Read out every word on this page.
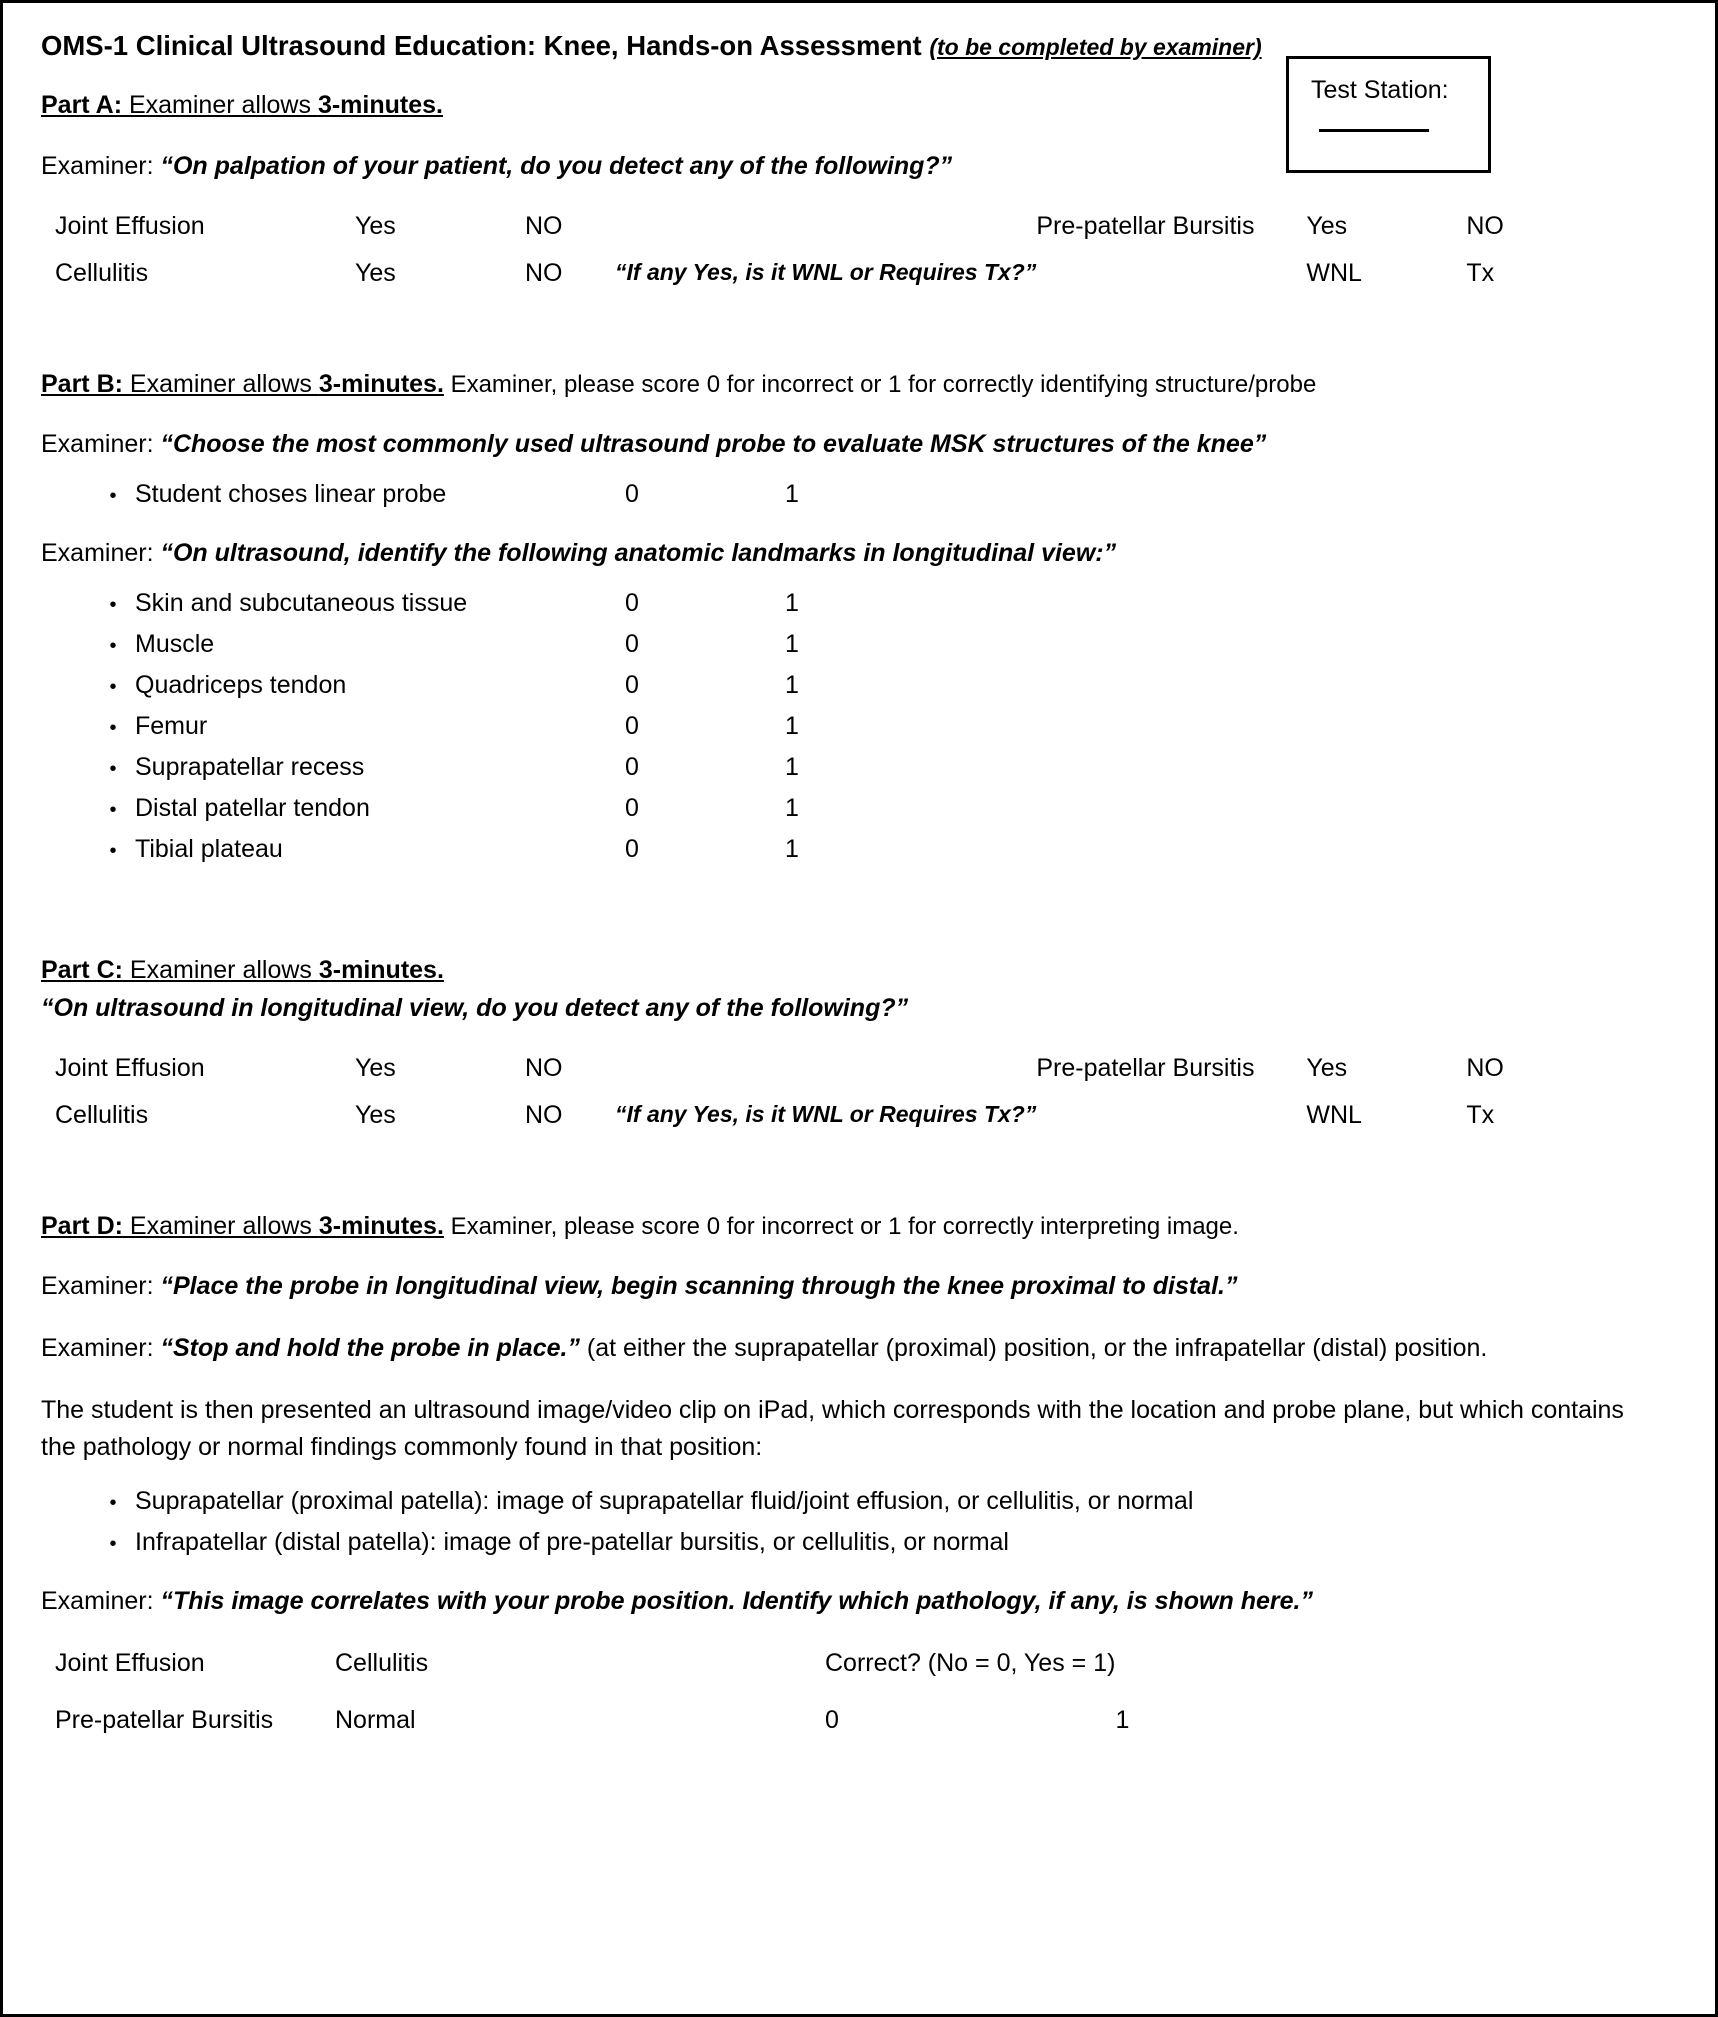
OMS-1 Clinical Ultrasound Education: Knee, Hands-on Assessment (to be completed by examiner)
Test Station:
Part A: Examiner allows 3-minutes.
Examiner: “On palpation of your patient, do you detect any of the following?”
Joint Effusion	Yes	NO		Pre-patellar Bursitis	Yes	NO
Cellulitis	Yes	NO	“If any Yes, is it WNL or Requires Tx?”		WNL	Tx
Part B: Examiner allows 3-minutes. Examiner, please score 0 for incorrect or 1 for correctly identifying structure/probe
Examiner: “Choose the most commonly used ultrasound probe to evaluate MSK structures of the knee”
• Student choses linear probe	0	1
Examiner: “On ultrasound, identify the following anatomic landmarks in longitudinal view:”
• Skin and subcutaneous tissue	0	1
• Muscle	0	1
• Quadriceps tendon	0	1
• Femur	0	1
• Suprapatellar recess	0	1
• Distal patellar tendon	0	1
• Tibial plateau	0	1
Part C: Examiner allows 3-minutes.
“On ultrasound in longitudinal view, do you detect any of the following?”
Joint Effusion	Yes	NO		Pre-patellar Bursitis	Yes	NO
Cellulitis	Yes	NO	“If any Yes, is it WNL or Requires Tx?”		WNL	Tx
Part D: Examiner allows 3-minutes. Examiner, please score 0 for incorrect or 1 for correctly interpreting image.
Examiner: “Place the probe in longitudinal view, begin scanning through the knee proximal to distal.”
Examiner: “Stop and hold the probe in place.” (at either the suprapatellar (proximal) position, or the infrapatellar (distal) position.
The student is then presented an ultrasound image/video clip on iPad, which corresponds with the location and probe plane, but which contains the pathology or normal findings commonly found in that position:
• Suprapatellar (proximal patella): image of suprapatellar fluid/joint effusion, or cellulitis, or normal
• Infrapatellar (distal patella): image of pre-patellar bursitis, or cellulitis, or normal
Examiner: “This image correlates with your probe position. Identify which pathology, if any, is shown here.”
Joint Effusion	Cellulitis	Correct? (No = 0, Yes = 1)	
Pre-patellar Bursitis	Normal	0	1
